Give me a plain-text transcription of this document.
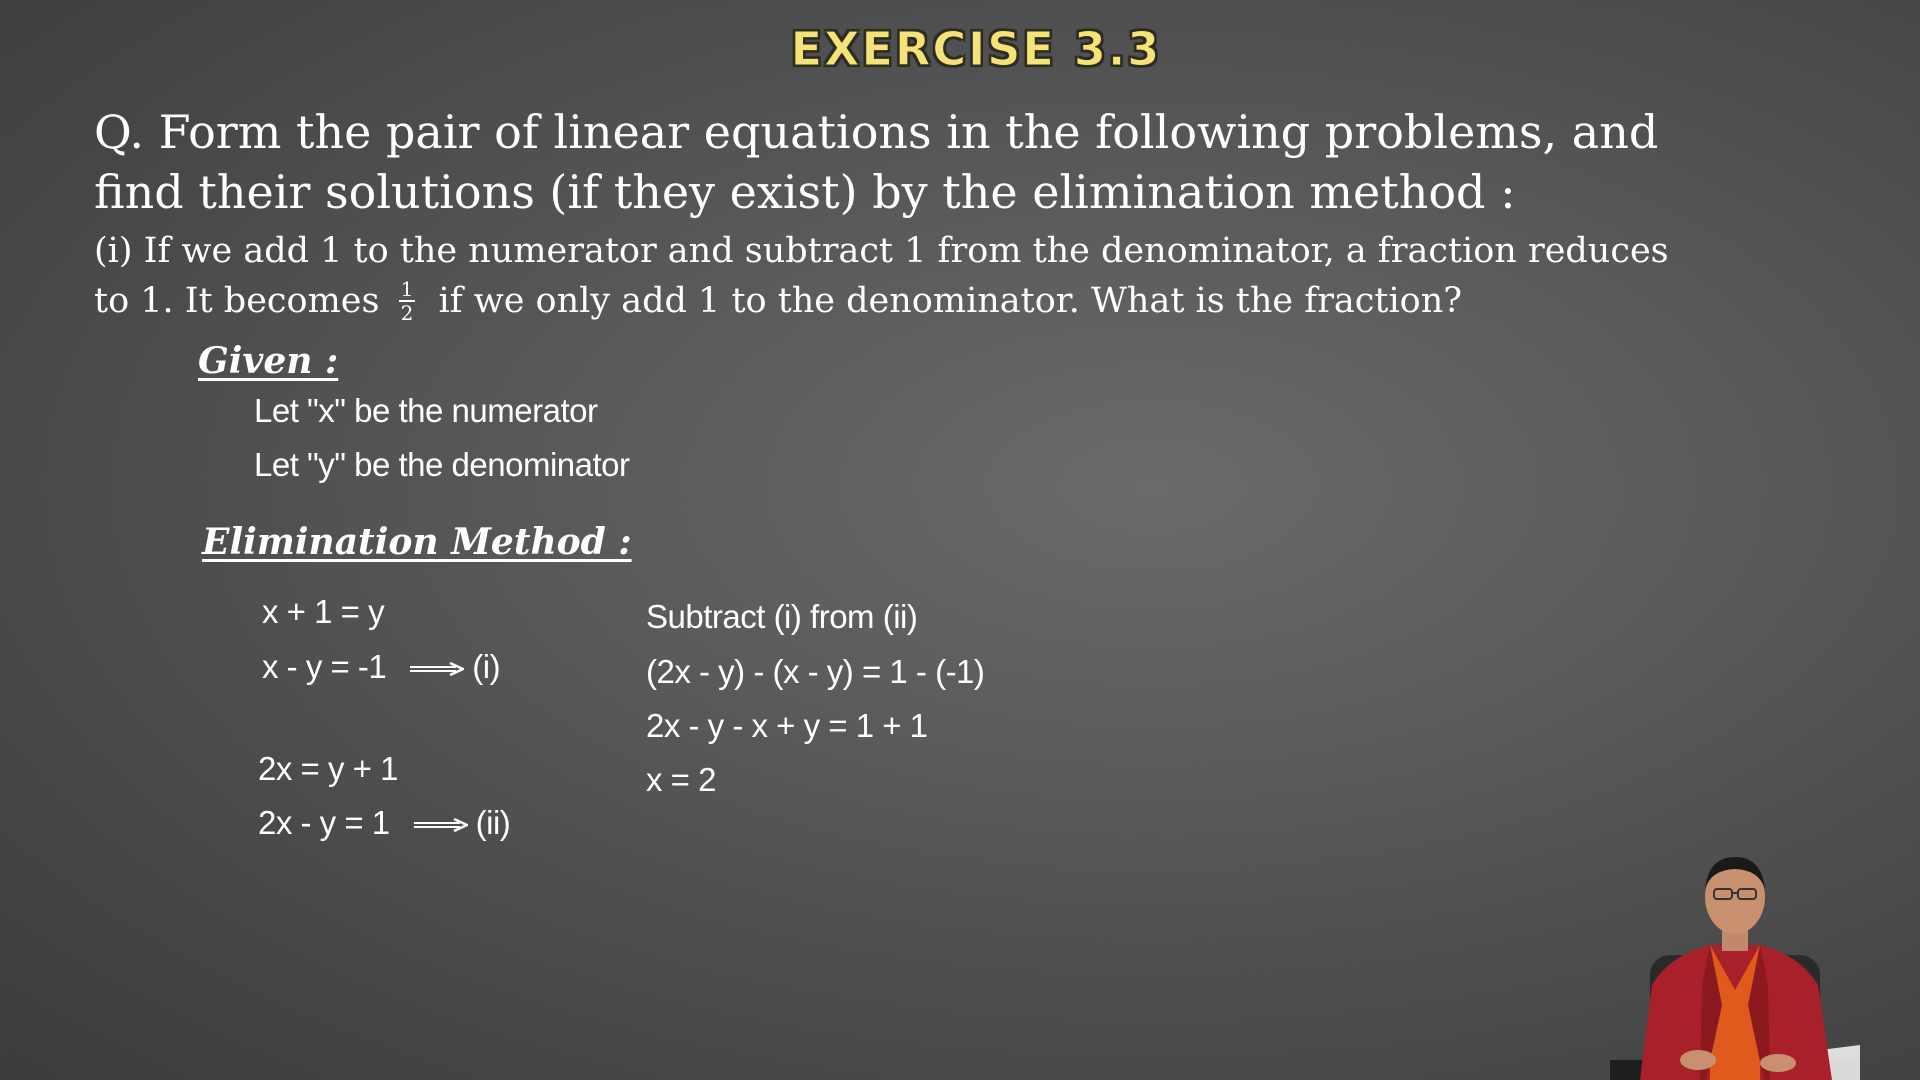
EXERCISE 3.3
Q. Form the pair of linear equations in the following problems, and
find their solutions (if they exist) by the elimination method :
(i) If we add 1 to the numerator and subtract 1 from the denominator, a fraction reduces
to 1. It becomes $\frac{1}{2}$ if we only add 1 to the denominator. What is the fraction?
Given :
Let "x" be the numerator
Let "y" be the denominator
Elimination Method :
x + 1 = y
x - y = -1	(i)
2x = y + 1
2x - y = 1	(ii)
Subtract (i) from (ii)
(2x - y) - (x - y) = 1 - (-1)
2x - y - x + y = 1 + 1
x = 2
